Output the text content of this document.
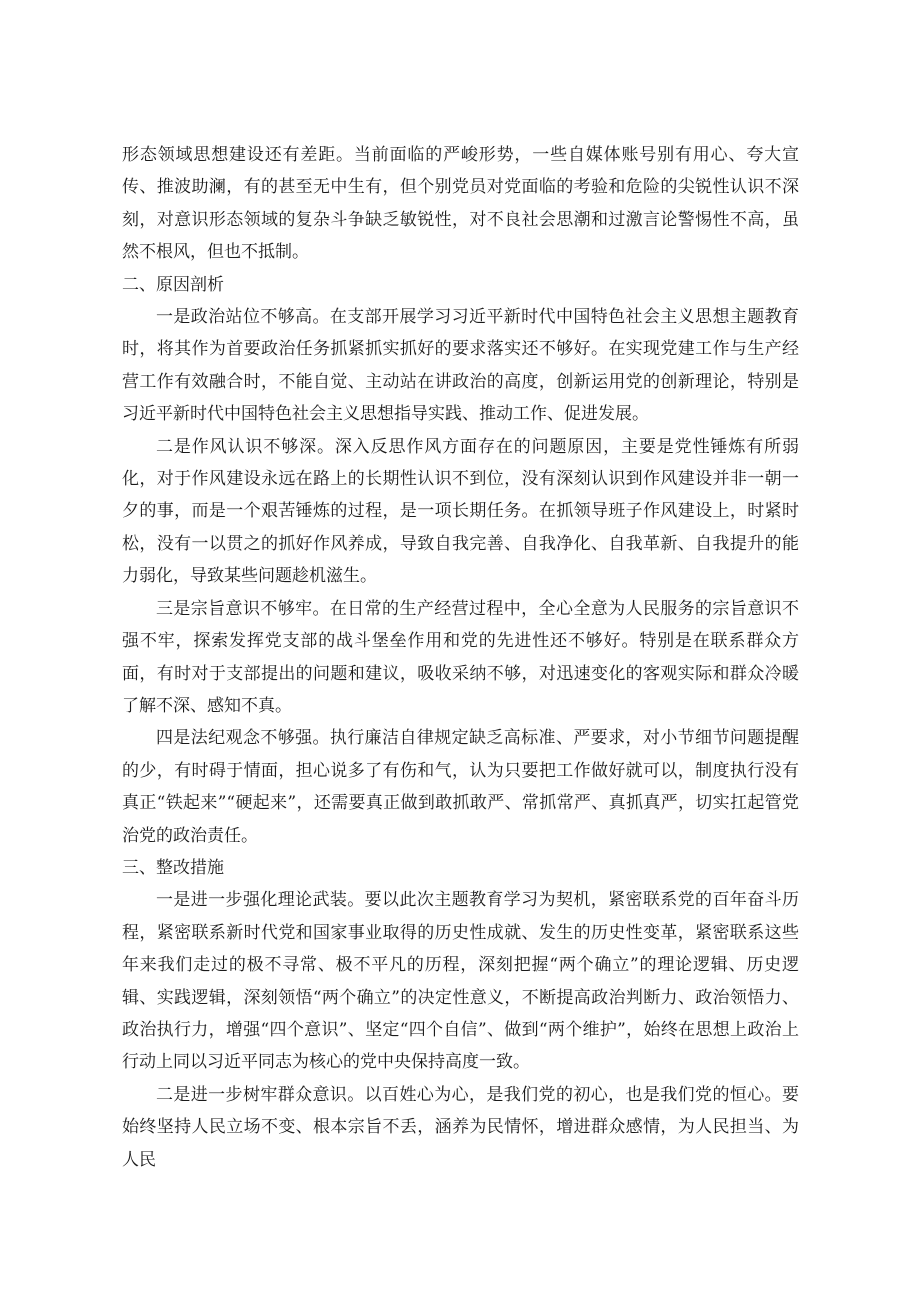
形态领域思想建设还有差距。当前面临的严峻形势，一些自媒体账号别有用心、夸大宣传、推波助澜，有的甚至无中生有，但个别党员对党面临的考验和危险的尖锐性认识不深刻，对意识形态领域的复杂斗争缺乏敏锐性，对不良社会思潮和过激言论警惕性不高，虽然不根风，但也不抵制。

二、原因剖析

一是政治站位不够高。在支部开展学习习近平新时代中国特色社会主义思想主题教育时，将其作为首要政治任务抓紧抓实抓好的要求落实还不够好。在实现党建工作与生产经营工作有效融合时，不能自觉、主动站在讲政治的高度，创新运用党的创新理论，特别是习近平新时代中国特色社会主义思想指导实践、推动工作、促进发展。

二是作风认识不够深。深入反思作风方面存在的问题原因，主要是党性锤炼有所弱化，对于作风建设永远在路上的长期性认识不到位，没有深刻认识到作风建设并非一朝一夕的事，而是一个艰苦锤炼的过程，是一项长期任务。在抓领导班子作风建设上，时紧时松，没有一以贯之的抓好作风养成，导致自我完善、自我净化、自我革新、自我提升的能力弱化，导致某些问题趁机滋生。

三是宗旨意识不够牢。在日常的生产经营过程中，全心全意为人民服务的宗旨意识不强不牢，探索发挥党支部的战斗堡垒作用和党的先进性还不够好。特别是在联系群众方面，有时对于支部提出的问题和建议，吸收采纳不够，对迅速变化的客观实际和群众冷暖了解不深、感知不真。

四是法纪观念不够强。执行廉洁自律规定缺乏高标准、严要求，对小节细节问题提醒的少，有时碍于情面，担心说多了有伤和气，认为只要把工作做好就可以，制度执行没有真正“铁起来”“硬起来”，还需要真正做到敢抓敢严、常抓常严、真抓真严，切实扛起管党治党的政治责任。

三、整改措施

一是进一步强化理论武装。要以此次主题教育学习为契机，紧密联系党的百年奋斗历程，紧密联系新时代党和国家事业取得的历史性成就、发生的历史性变革，紧密联系这些年来我们走过的极不寻常、极不平凡的历程，深刻把握“两个确立”的理论逻辑、历史逻辑、实践逻辑，深刻领悟“两个确立”的决定性意义，不断提高政治判断力、政治领悟力、政治执行力，增强“四个意识”、坚定“四个自信”、做到“两个维护”，始终在思想上政治上行动上同以习近平同志为核心的党中央保持高度一致。

二是进一步树牢群众意识。以百姓心为心，是我们党的初心，也是我们党的恒心。要始终坚持人民立场不变、根本宗旨不丢，涵养为民情怀，增进群众感情，为人民担当、为人民
